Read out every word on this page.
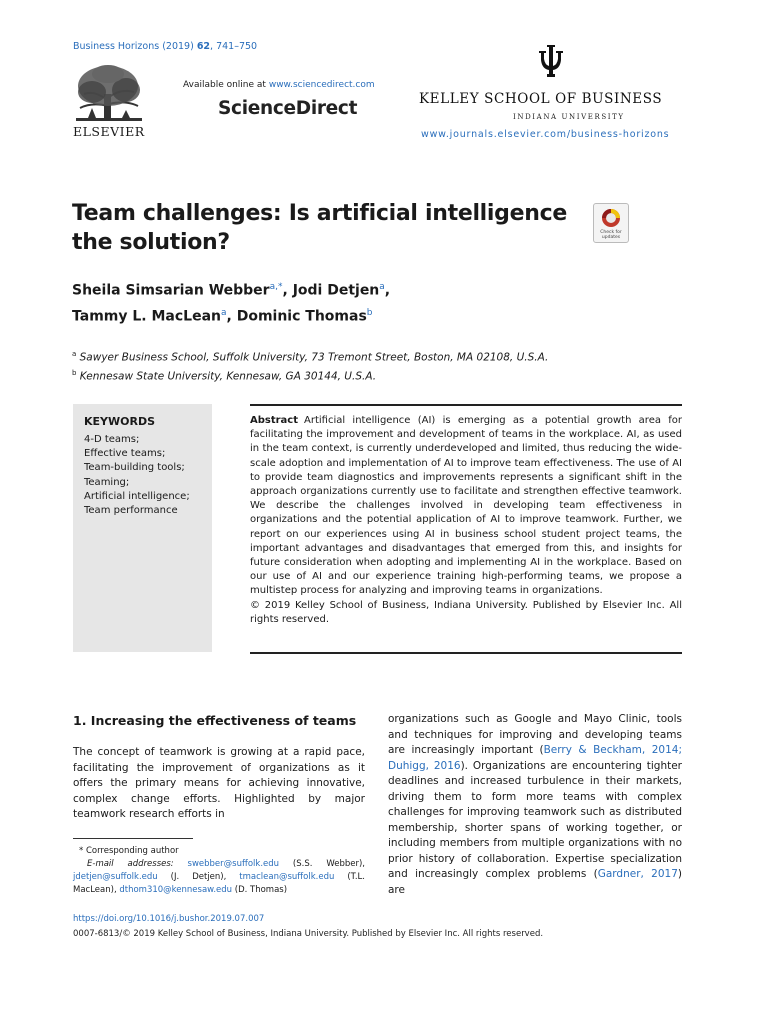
Business Horizons (2019) 62, 741–750
ELSEVIER
Available online at www.sciencedirect.com
ScienceDirect	KELLEY SCHOOL OF BUSINESS
INDIANA UNIVERSITY
www.journals.elsevier.com/business-horizons
Team challenges: Is artificial intelligence
the solution?	Check for updates
Sheila Simsarian Webber$^{a,*}$, Jodi Detjen$^a$,
Tammy L. MacLean$^a$, Dominic Thomas$^b$
$^a$ Sawyer Business School, Suffolk University, 73 Tremont Street, Boston, MA 02108, U.S.A.
$^b$ Kennesaw State University, Kennesaw, GA 30144, U.S.A.
KEYWORDS
4-D teams;
Effective teams;
Team-building tools;
Teaming;
Artificial intelligence;
Team performance
Abstract Artificial intelligence (AI) is emerging as a potential growth area for facilitating the improvement and development of teams in the workplace. AI, as used in the team context, is currently underdeveloped and limited, thus reducing the wide-scale adoption and implementation of AI to improve team effectiveness. The use of AI to provide team diagnostics and improvements represents a significant shift in the approach organizations currently use to facilitate and strengthen effective teamwork. We describe the challenges involved in developing team effectiveness in organizations and the potential application of AI to improve teamwork. Further, we report on our experiences using AI in business school student project teams, the important advantages and disadvantages that emerged from this, and insights for future consideration when adopting and implementing AI in the workplace. Based on our use of AI and our experience training high-performing teams, we propose a multistep process for analyzing and improving teams in organizations.
© 2019 Kelley School of Business, Indiana University. Published by Elsevier Inc. All rights reserved.
1. Increasing the effectiveness of teams
The concept of teamwork is growing at a rapid pace, facilitating the improvement of organizations as it offers the primary means for achieving innovative, complex change efforts. Highlighted by major teamwork research efforts in
organizations such as Google and Mayo Clinic, tools and techniques for improving and developing teams are increasingly important (Berry & Beckham, 2014; Duhigg, 2016). Organizations are encountering tighter deadlines and increased turbulence in their markets, driving them to form more teams with complex challenges for improving teamwork such as distributed membership, shorter spans of working together, or including members from multiple organizations with no prior history of collaboration. Expertise specialization and increasingly complex problems (Gardner, 2017) are
* Corresponding author
E-mail addresses: swebber@suffolk.edu (S.S. Webber), jdetjen@suffolk.edu (J. Detjen), tmaclean@suffolk.edu (T.L. MacLean), dthom310@kennesaw.edu (D. Thomas)
https://doi.org/10.1016/j.bushor.2019.07.007
0007-6813/© 2019 Kelley School of Business, Indiana University. Published by Elsevier Inc. All rights reserved.
